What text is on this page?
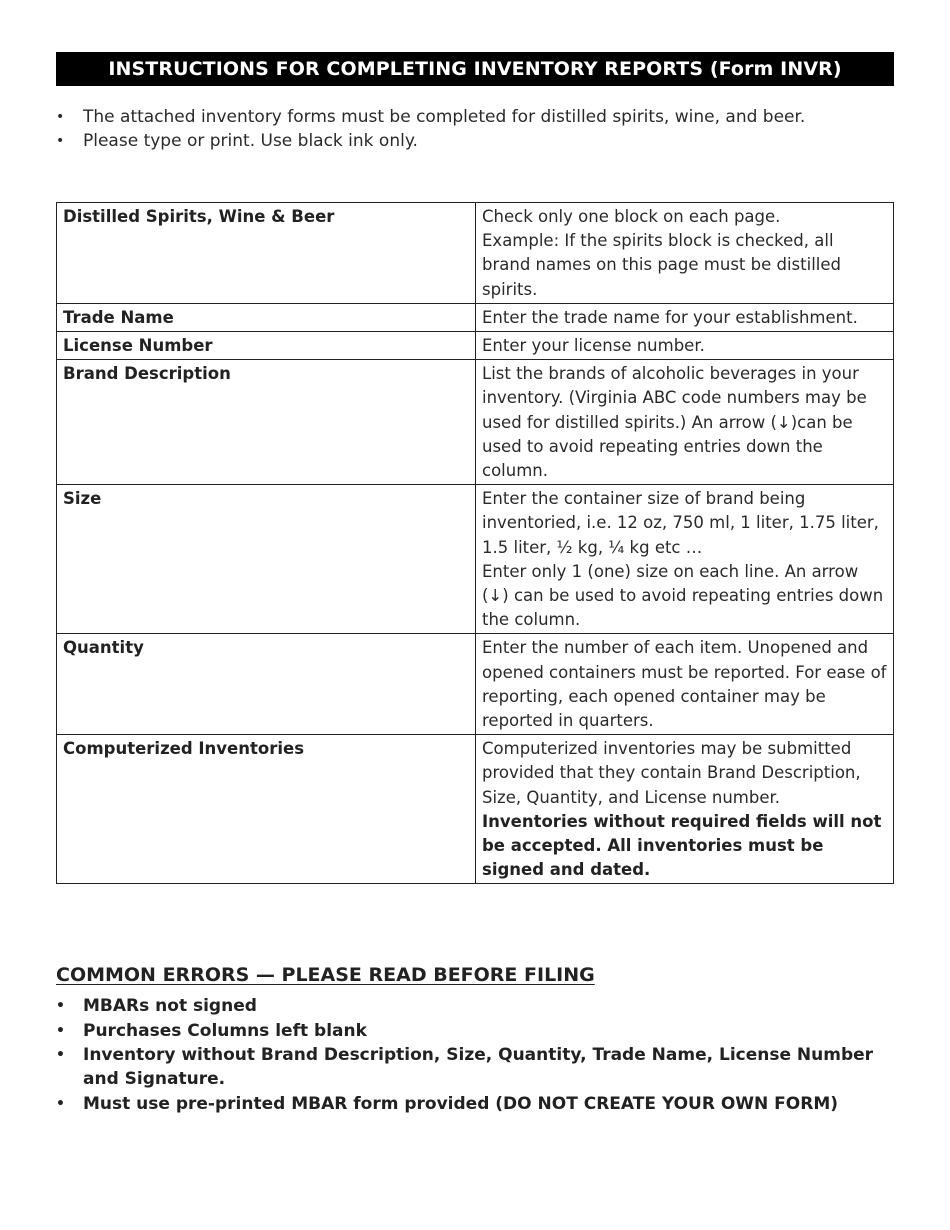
INSTRUCTIONS FOR COMPLETING INVENTORY REPORTS (Form INVR)
• The attached inventory forms must be completed for distilled spirits, wine, and beer.
• Please type or print. Use black ink only.
Distilled Spirits, Wine & Beer	Check only one block on each page.
Example: If the spirits block is checked, all brand names on this page must be distilled spirits.

Trade Name	Enter the trade name for your establishment.
License Number	Enter your license number.
Brand Description	List the brands of alcoholic beverages in your inventory. (Virginia ABC code numbers may be used for distilled spirits.) An arrow (↓)can be used to avoid repeating entries down the column.
Size	Enter the container size of brand being inventoried, i.e. 12 oz, 750 ml, 1 liter, 1.75 liter, 1.5 liter, ½ kg, ¼ kg etc …
Enter only 1 (one) size on each line. An arrow (↓) can be used to avoid repeating entries down the column.

Quantity	Enter the number of each item. Unopened and opened containers must be reported. For ease of reporting, each opened container may be reported in quarters.
Computerized Inventories	Computerized inventories may be submitted provided that they contain Brand Description, Size, Quantity, and License number.
Inventories without required fields will not be accepted. All inventories must be signed and dated.
COMMON ERRORS — PLEASE READ BEFORE FILING
• MBARs not signed
• Purchases Columns left blank
• Inventory without Brand Description, Size, Quantity, Trade Name, License Number and Signature.
• Must use pre-printed MBAR form provided (DO NOT CREATE YOUR OWN FORM)
